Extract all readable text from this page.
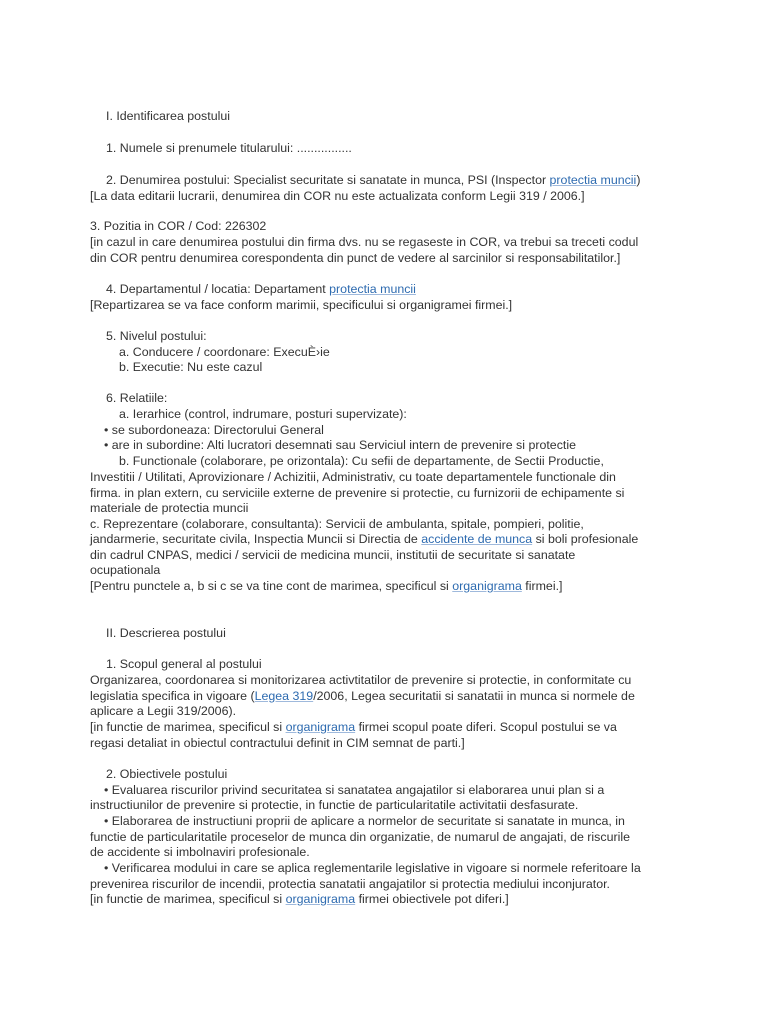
I. Identificarea postului
1. Numele si prenumele titularului: ................
2. Denumirea postului: Specialist securitate si sanatate in munca, PSI (Inspector protectia muncii)
[La data editarii lucrarii, denumirea din COR nu este actualizata conform Legii 319 / 2006.]
3. Pozitia in COR / Cod: 226302
[in cazul in care denumirea postului din firma dvs. nu se regaseste in COR, va trebui sa treceti codul
din COR pentru denumirea corespondenta din punct de vedere al sarcinilor si responsabilitatilor.]
4. Departamentul / locatia: Departament protectia muncii
[Repartizarea se va face conform marimii, specificului si organigramei firmei.]
5. Nivelul postului:
a. Conducere / coordonare: ExecuÈ›ie
b. Executie: Nu este cazul
6. Relatiile:
a. Ierarhice (control, indrumare, posturi supervizate):
• se subordoneaza: Directorului General
• are in subordine: Alti lucratori desemnati sau Serviciul intern de prevenire si protectie
b. Functionale (colaborare, pe orizontala): Cu sefii de departamente, de Sectii Productie,
Investitii / Utilitati, Aprovizionare / Achizitii, Administrativ, cu toate departamentele functionale din
firma. in plan extern, cu serviciile externe de prevenire si protectie, cu furnizorii de echipamente si
materiale de protectia muncii
c. Reprezentare (colaborare, consultanta): Servicii de ambulanta, spitale, pompieri, politie,
jandarmerie, securitate civila, Inspectia Muncii si Directia de accidente de munca si boli profesionale
din cadrul CNPAS, medici / servicii de medicina muncii, institutii de securitate si sanatate
ocupationala
[Pentru punctele a, b si c se va tine cont de marimea, specificul si organigrama firmei.]
II. Descrierea postului
1. Scopul general al postului
Organizarea, coordonarea si monitorizarea activtitatilor de prevenire si protectie, in conformitate cu
legislatia specifica in vigoare (Legea 319/2006, Legea securitatii si sanatatii in munca si normele de
aplicare a Legii 319/2006).
[in functie de marimea, specificul si organigrama firmei scopul poate diferi. Scopul postului se va
regasi detaliat in obiectul contractului definit in CIM semnat de parti.]
2. Obiectivele postului
• Evaluarea riscurilor privind securitatea si sanatatea angajatilor si elaborarea unui plan si a
instructiunilor de prevenire si protectie, in functie de particularitatile activitatii desfasurate.
• Elaborarea de instructiuni proprii de aplicare a normelor de securitate si sanatate in munca, in
functie de particularitatile proceselor de munca din organizatie, de numarul de angajati, de riscurile
de accidente si imbolnaviri profesionale.
• Verificarea modului in care se aplica reglementarile legislative in vigoare si normele referitoare la
prevenirea riscurilor de incendii, protectia sanatatii angajatilor si protectia mediului inconjurator.
[in functie de marimea, specificul si organigrama firmei obiectivele pot diferi.]
